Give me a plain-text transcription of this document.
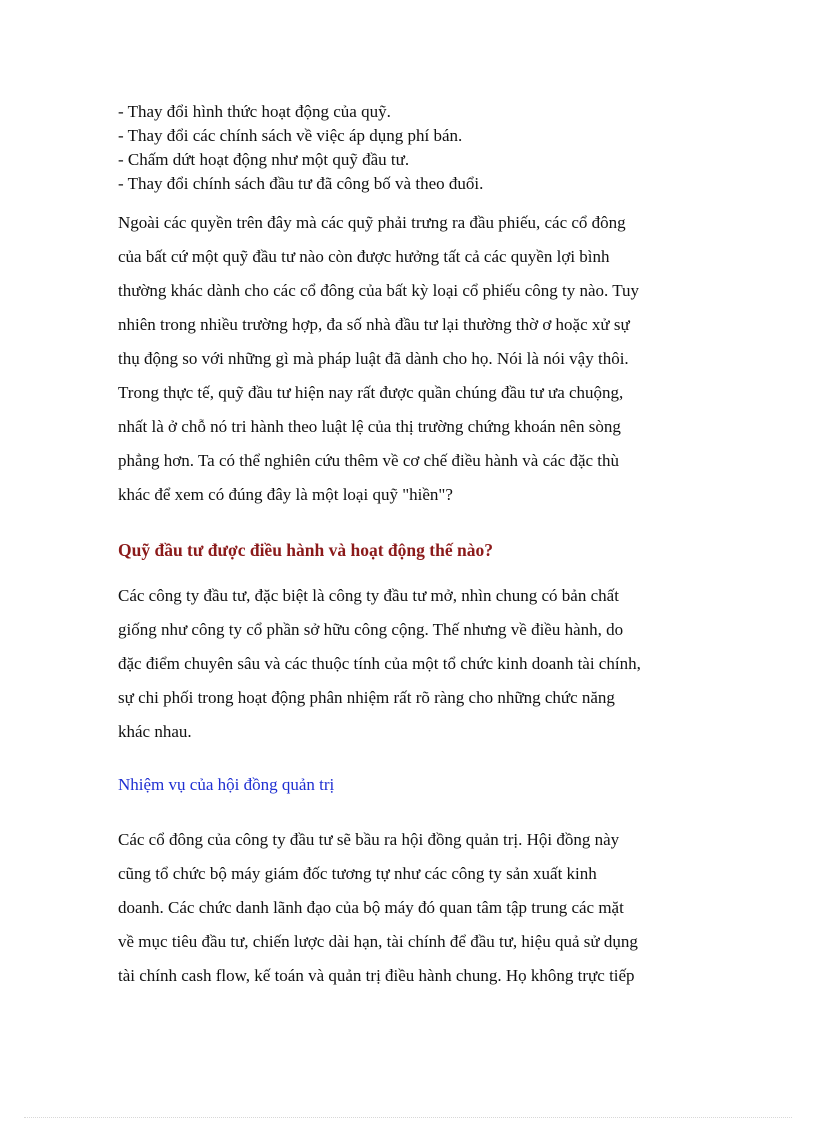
- Thay đổi hình thức hoạt động của quỹ.
- Thay đổi các chính sách về việc áp dụng phí bán.
- Chấm dứt hoạt động như một quỹ đầu tư.
- Thay đổi chính sách đầu tư đã công bố và theo đuổi.
Ngoài các quyền trên đây mà các quỹ phải trưng ra đầu phiếu, các cổ đông
của bất cứ một quỹ đầu tư nào còn được hưởng tất cả các quyền lợi bình
thường khác dành cho các cổ đông của bất kỳ loại cổ phiếu công ty nào. Tuy
nhiên trong nhiều trường hợp, đa số nhà đầu tư lại thường thờ ơ hoặc xử sự
thụ động so với những gì mà pháp luật đã dành cho họ. Nói là nói vậy thôi.
Trong thực tế, quỹ đầu tư hiện nay rất được quần chúng đầu tư ưa chuộng,
nhất là ở chỗ nó tri hành theo luật lệ của thị trường chứng khoán nên sòng
phẳng hơn. Ta có thể nghiên cứu thêm về cơ chế điều hành và các đặc thù
khác để xem có đúng đây là một loại quỹ "hiền"?
Quỹ đầu tư được điều hành và hoạt động thế nào?
Các công ty đầu tư, đặc biệt là công ty đầu tư mở, nhìn chung có bản chất
giống như công ty cổ phần sở hữu công cộng. Thế nhưng về điều hành, do
đặc điểm chuyên sâu và các thuộc tính của một tổ chức kinh doanh tài chính,
sự chi phối trong hoạt động phân nhiệm rất rõ ràng cho những chức năng
khác nhau.
Nhiệm vụ của hội đồng quản trị
Các cổ đông của công ty đầu tư sẽ bầu ra hội đồng quản trị. Hội đồng này
cũng tổ chức bộ máy giám đốc tương tự như các công ty sản xuất kinh
doanh. Các chức danh lãnh đạo của bộ máy đó quan tâm tập trung các mặt
về mục tiêu đầu tư, chiến lược dài hạn, tài chính để đầu tư, hiệu quả sử dụng
tài chính cash flow, kế toán và quản trị điều hành chung. Họ không trực tiếp
